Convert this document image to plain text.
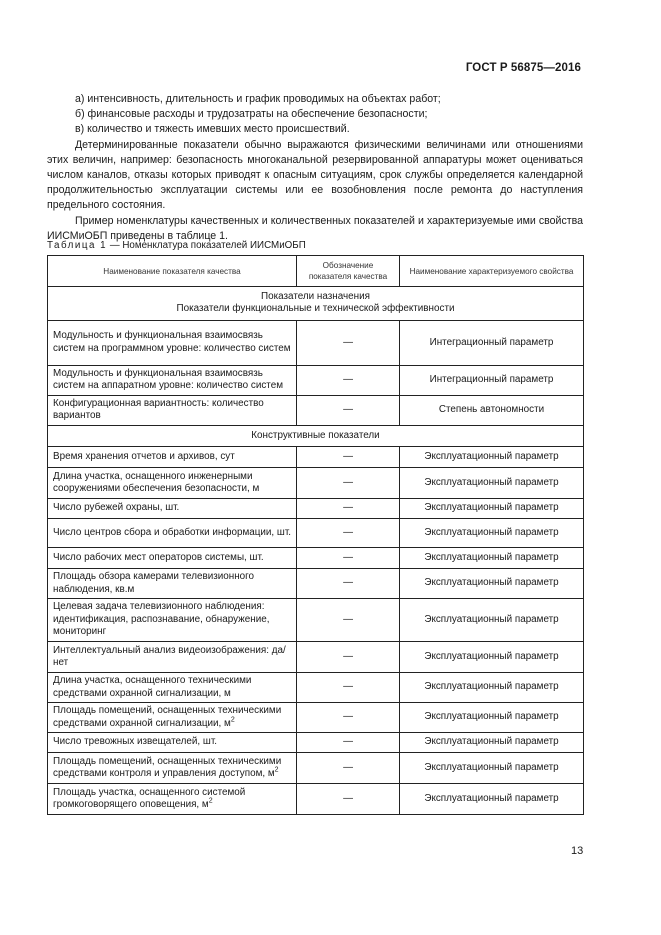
ГОСТ Р 56875—2016

а) интенсивность, длительность и график проводимых на объектах работ;

б) финансовые расходы и трудозатраты на обеспечение безопасности;

в) количество и тяжесть имевших место происшествий.

Детерминированные показатели обычно выражаются физическими величинами или отношениями этих величин, например: безопасность многоканальной резервированной аппаратуры может оцениваться числом каналов, отказы которых приводят к опасным ситуациям, срок службы определяется календарной продолжительностью эксплуатации системы или ее возобновления после ремонта до наступления предельного состояния.

Пример номенклатуры качественных и количественных показателей и характеризуемые ими свойства ИИСМиОБП приведены в таблице 1.

Таблица 1 — Номенклатура показателей ИИСМиОБП
Наименование показателя качества	Обозначение показателя качества	Наименование характеризуемого свойства

Показатели назначения
Показатели функциональные и технической эффективности		

Модульность и функциональная взаимосвязь систем на программном уровне: количество систем	—	Интеграционный параметр
Модульность и функциональная взаимосвязь систем на аппаратном уровне: количество систем	—	Интеграционный параметр
Конфигурационная вариантность: количество вариантов	—	Степень автономности

Конструктивные показатели		

Время хранения отчетов и архивов, сут	—	Эксплуатационный параметр
Длина участка, оснащенного инженерными сооружениями обеспечения безопасности, м	—	Эксплуатационный параметр
Число рубежей охраны, шт.	—	Эксплуатационный параметр
Число центров сбора и обработки информации, шт.	—	Эксплуатационный параметр
Число рабочих мест операторов системы, шт.	—	Эксплуатационный параметр
Площадь обзора камерами телевизионного наблюдения, кв.м	—	Эксплуатационный параметр
Целевая задача телевизионного наблюдения: идентификация, распознавание, обнаружение, мониторинг	—	Эксплуатационный параметр
Интеллектуальный анализ видеоизображения: да/нет	—	Эксплуатационный параметр
Длина участка, оснащенного техническими средствами охранной сигнализации, м	—	Эксплуатационный параметр
Площадь помещений, оснащенных техническими средствами охранной сигнализации, $м^2$	—	Эксплуатационный параметр
Число тревожных извещателей, шт.	—	Эксплуатационный параметр
Площадь помещений, оснащенных техническими средствами контроля и управления доступом, $м^2$	—	Эксплуатационный параметр
Площадь участка, оснащенного системой громкоговорящего оповещения, $м^2$	—	Эксплуатационный параметр
13
